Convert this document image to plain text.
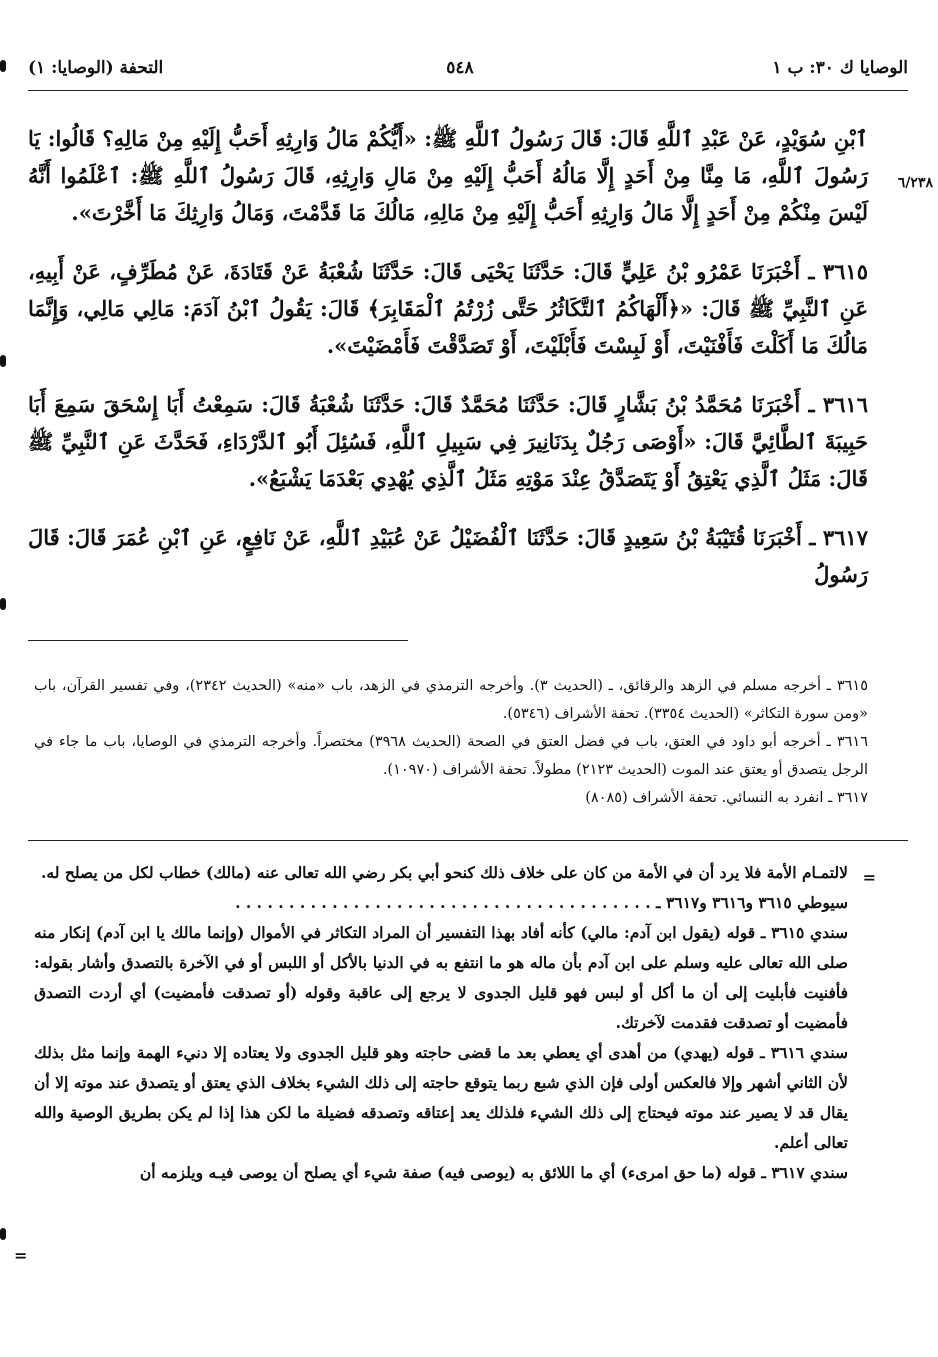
الوصايا ك ٣٠: ب ١
٥٤٨
التحفة (الوصايا: ١)
٦/٢٣٨

ٱبْنِ سُوَيْدٍ، عَنْ عَبْدِ ٱللَّهِ قَالَ: قَالَ رَسُولُ ٱللَّهِ ﷺ: «أَيُّكُمْ مَالُ وَارِثِهِ أَحَبُّ إِلَيْهِ مِنْ مَالِهِ؟ قَالُوا: يَا رَسُولَ ٱللَّهِ، مَا مِنَّا مِنْ أَحَدٍ إِلَّا مَالُهُ أَحَبُّ إِلَيْهِ مِنْ مَالِ وَارِثِهِ، قَالَ رَسُولُ ٱللَّهِ ﷺ: ٱعْلَمُوا أَنَّهُ لَيْسَ مِنْكُمْ مِنْ أَحَدٍ إِلَّا مَالُ وَارِثِهِ أَحَبُّ إِلَيْهِ مِنْ مَالِهِ، مَالُكَ مَا قَدَّمْتَ، وَمَالُ وَارِثِكَ مَا أَخَّرْتَ».

٣٦١٥ ـ أَخْبَرَنَا عَمْرُو بْنُ عَلِيٍّ قَالَ: حَدَّثَنَا يَحْيَى قَالَ: حَدَّثَنَا شُعْبَةُ عَنْ قَتَادَةَ، عَنْ مُطَرِّفٍ، عَنْ أَبِيهِ، عَنِ ٱلنَّبِيِّ ﷺ قَالَ: «﴿أَلْهَاكُمُ ٱلتَّكَاثُرُ حَتَّى زُرْتُمُ ٱلْمَقَابِرَ﴾ قَالَ: يَقُولُ ٱبْنُ آدَمَ: مَالِي مَالِي، وَإِنَّمَا مَالُكَ مَا أَكَلْتَ فَأَفْنَيْتَ، أَوْ لَبِسْتَ فَأَبْلَيْتَ، أَوْ تَصَدَّقْتَ فَأَمْضَيْتَ».

٣٦١٦ ـ أَخْبَرَنَا مُحَمَّدُ بْنُ بَشَّارٍ قَالَ: حَدَّثَنَا مُحَمَّدٌ قَالَ: حَدَّثَنَا شُعْبَةُ قَالَ: سَمِعْتُ أَبَا إِسْحَقَ سَمِعَ أَبَا حَبِيبَةَ ٱلطَّائِيَّ قَالَ: «أَوْصَى رَجُلٌ بِدَنَانِيرَ فِي سَبِيلِ ٱللَّهِ، فَسُئِلَ أَبُو ٱلدَّرْدَاءِ، فَحَدَّثَ عَنِ ٱلنَّبِيِّ ﷺ قَالَ: مَثَلُ ٱلَّذِي يَعْتِقُ أَوْ يَتَصَدَّقُ عِنْدَ مَوْتِهِ مَثَلُ ٱلَّذِي يُهْدِي بَعْدَمَا يَشْبَعُ».

٣٦١٧ ـ أَخْبَرَنَا قُتَيْبَةُ بْنُ سَعِيدٍ قَالَ: حَدَّثَنَا ٱلْفُضَيْلُ عَنْ عُبَيْدِ ٱللَّهِ، عَنْ نَافِعٍ، عَنِ ٱبْنِ عُمَرَ قَالَ: قَالَ رَسُولُ

٣٦١٥ ـ أخرجه مسلم في الزهد والرقائق، ـ (الحديث ٣). وأخرجه الترمذي في الزهد، باب «منه» (الحديث ٢٣٤٢)، وفي تفسير القرآن، باب «ومن سورة التكاثر» (الحديث ٣٣٥٤). تحفة الأشراف (٥٣٤٦).

٣٦١٦ ـ أخرجه أبو داود في العتق، باب في فضل العتق في الصحة (الحديث ٣٩٦٨) مختصراً. وأخرجه الترمذي في الوصايا، باب ما جاء في الرجل يتصدق أو يعتق عند الموت (الحديث ٢١٢٣) مطولاً. تحفة الأشراف (١٠٩٧٠).

٣٦١٧ ـ انفرد به النسائي. تحفة الأشراف (٨٠٨٥)

=
=

لالتمـام الأمة فلا يرد أن في الأمة من كان على خلاف ذلك كنحو أبي بكر رضي الله تعالى عنه (مالك) خطاب لكل من يصلح له.

سيوطي ٣٦١٥ و٣٦١٦ و٣٦١٧ ـ . . . . . . . . . . . . . . . . . . . . . . . . . . . . . . . . . . . . . . .

سندي ٣٦١٥ ـ قوله (يقول ابن آدم: مالي) كأنه أفاد بهذا التفسير أن المراد التكاثر في الأموال (وإنما مالك يا ابن آدم) إنكار منه صلى الله تعالى عليه وسلم على ابن آدم بأن ماله هو ما انتفع به في الدنيا بالأكل أو اللبس أو في الآخرة بالتصدق وأشار بقوله: فأفنيت فأبليت إلى أن ما أكل أو لبس فهو قليل الجدوى لا يرجع إلى عاقبة وقوله (أو تصدقت فأمضيت) أي أردت التصدق فأمضيت أو تصدقت فقدمت لآخرتك.

سندي ٣٦١٦ ـ قوله (يهدي) من أهدى أي يعطي بعد ما قضى حاجته وهو قليل الجدوى ولا يعتاده إلا دنيء الهمة وإنما مثل بذلك لأن الثاني أشهر وإلا فالعكس أولى فإن الذي شبع ربما يتوقع حاجته إلى ذلك الشيء بخلاف الذي يعتق أو يتصدق عند موته إلا أن يقال قد لا يصير عند موته فيحتاج إلى ذلك الشيء فلذلك يعد إعتاقه وتصدقه فضيلة ما لكن هذا إذا لم يكن بطريق الوصية والله تعالى أعلم.

سندي ٣٦١٧ ـ قوله (ما حق امرىء) أي ما اللائق به (يوصى فيه) صفة شيء أي يصلح أن يوصى فيـه ويلزمه أن
